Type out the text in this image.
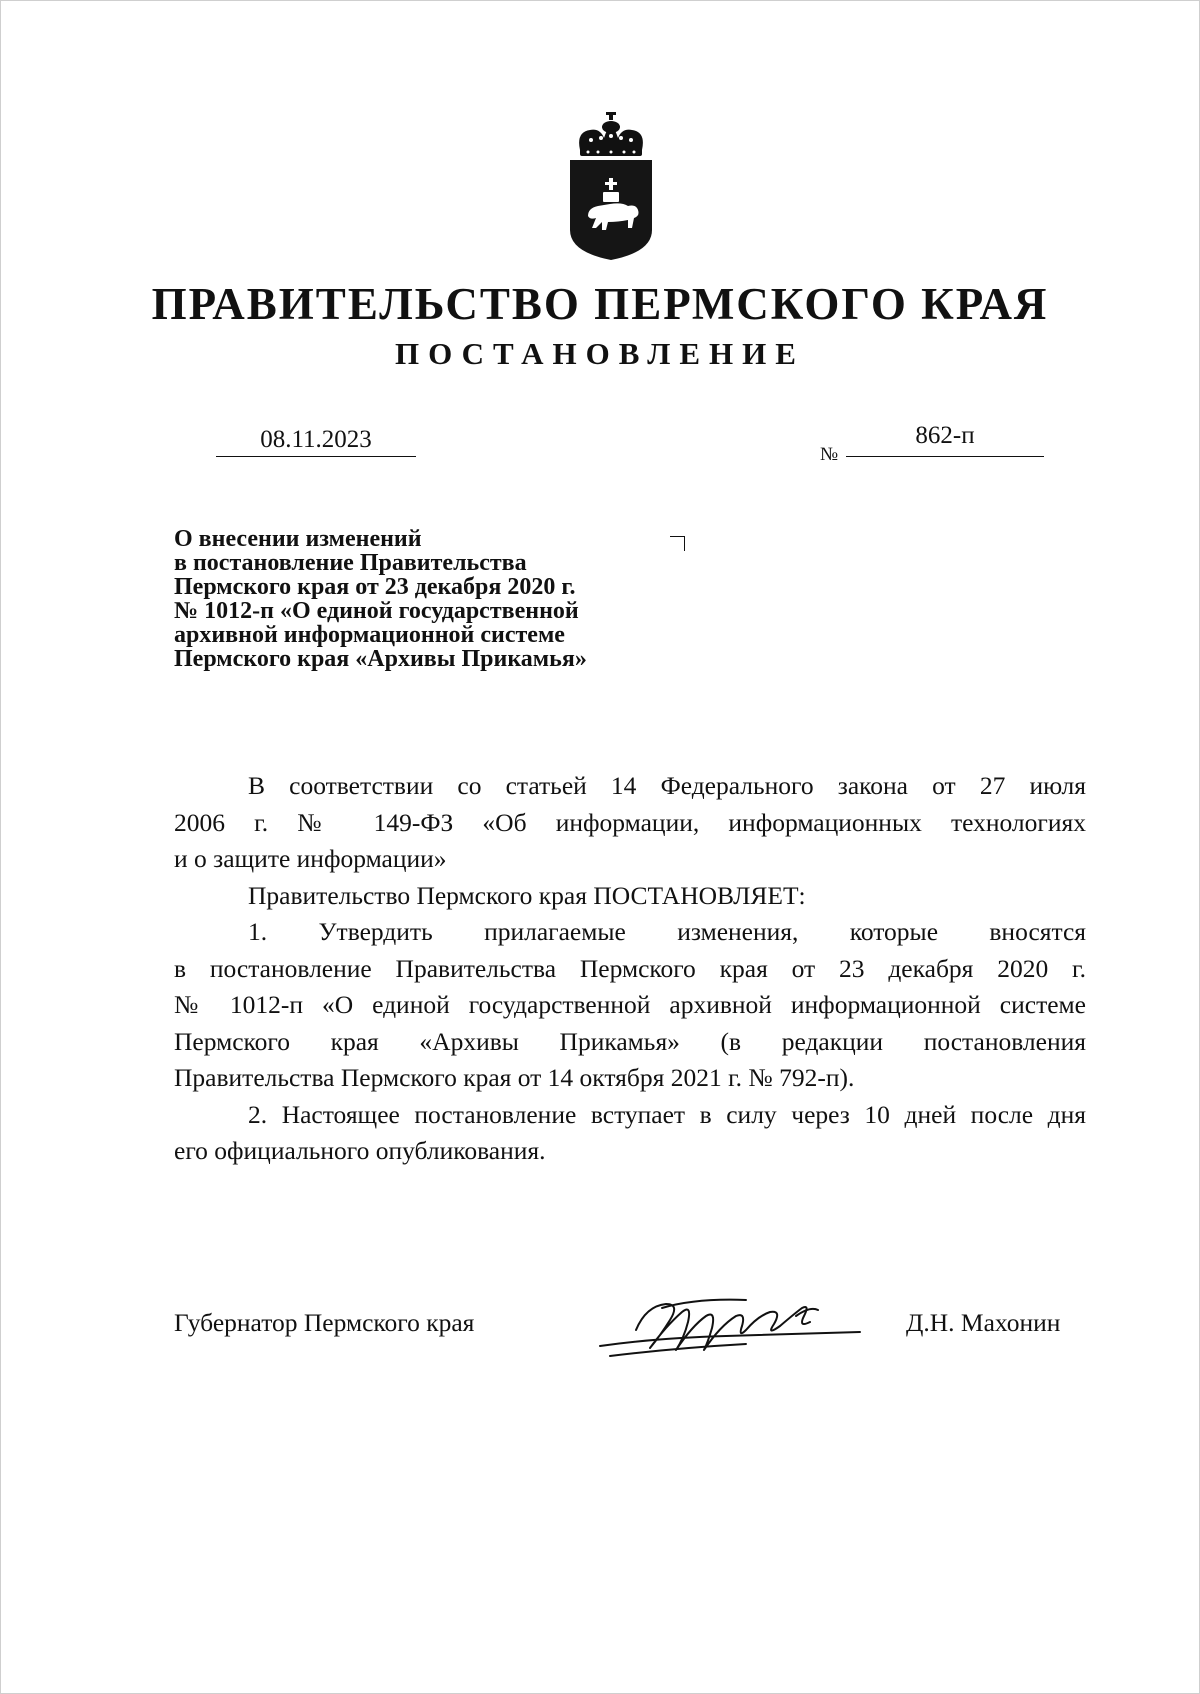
ПРАВИТЕЛЬСТВО ПЕРМСКОГО КРАЯ
ПОСТАНОВЛЕНИЕ
08.11.2023
№
862-п
О внесении изменений
в постановление Правительства
Пермского края от 23 декабря 2020 г.
№ 1012-п «О единой государственной
архивной информационной системе
Пермского края «Архивы Прикамья»

В соответствии со статьей 14 Федерального закона от 27 июля
2006 г. № 149-ФЗ «Об информации, информационных технологиях
и о защите информации»

Правительство Пермского края ПОСТАНОВЛЯЕТ:

1. Утвердить прилагаемые изменения, которые вносятся
в постановление Правительства Пермского края от 23 декабря 2020 г.
№ 1012-п «О единой государственной архивной информационной системе
Пермского края «Архивы Прикамья» (в редакции постановления
Правительства Пермского края от 14 октября 2021 г. № 792-п).

2. Настоящее постановление вступает в силу через 10 дней после дня
его официального опубликования.

Губернатор Пермского края	Д.Н. Махонин
